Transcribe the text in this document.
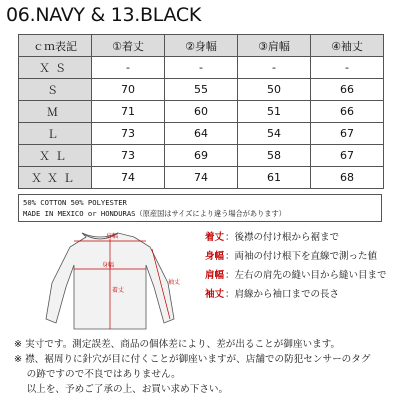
06.NAVY & 13.BLACK
ｃｍ表記	①着丈	②身幅	③肩幅	④袖丈
ＸＳ	-	-	-	-
Ｓ	70	55	50	66
Ｍ	71	60	51	66
Ｌ	73	64	54	67
ＸＬ	73	69	58	67
ＸＸＬ	74	74	61	68
50% COTTON 50% POLYESTER
MADE IN MEXICO or HONDURAS（原産国はサイズにより違う場合があります）
肩幅
身幅
着丈
袖丈
着丈 ：後襟の付け根から裾まで
身幅 ：両袖の付け根下を直線で測った値
肩幅 ：左右の肩先の縫い目から縫い目まで
袖丈 ：肩線から袖口までの長さ
※ 実寸です。測定誤差、商品の個体差により、差が出ることが御座います。
※ 襟、裾周りに針穴が目に付くことが御座いますが、店舗での防犯センサーのタグ
　 の跡ですので不良ではありません。
　 以上を、予めご了承の上、お買い求め下さい。
